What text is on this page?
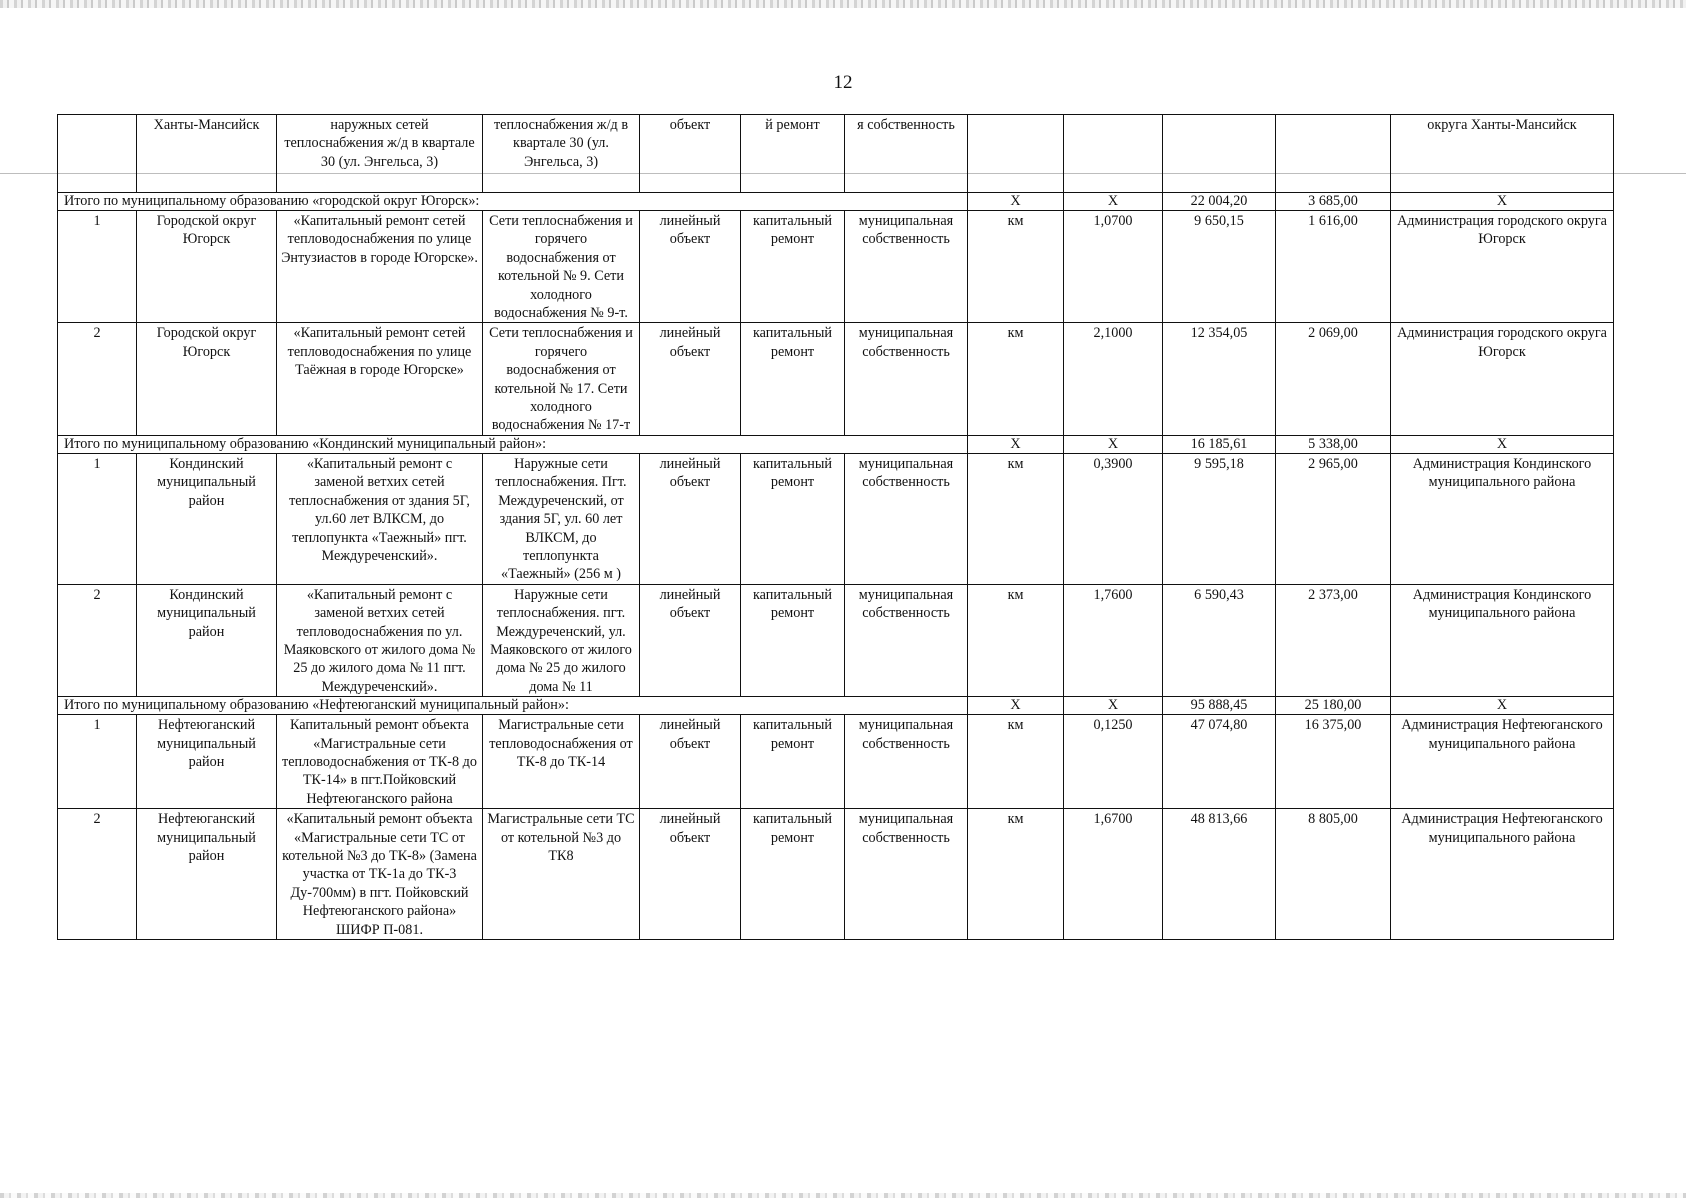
12
	Ханты-Мансийск	наружных сетей теплоснабжения ж/д в квартале 30 (ул. Энгельса, 3)	теплоснабжения ж/д в квартале 30 (ул. Энгельса, 3)	объект	й ремонт	я собственность					округа Ханты-Мансийск
Итого по муниципальному образованию «городской округ Югорск»:							Х	Х	22 004,20	3 685,00	Х
1	Городской округ Югорск	«Капитальный ремонт сетей тепловодоснабжения по улице Энтузиастов в городе Югорске».	Сети теплоснабжения и горячего водоснабжения от котельной № 9. Сети холодного водоснабжения № 9-т.	линейный объект	капитальный ремонт	муниципальная собственность	км	1,0700	9 650,15	1 616,00	Администрация городского округа Югорск
2	Городской округ Югорск	«Капитальный ремонт сетей тепловодоснабжения по улице Таёжная в городе Югорске»	Сети теплоснабжения и горячего водоснабжения от котельной № 17. Сети холодного водоснабжения № 17-т	линейный объект	капитальный ремонт	муниципальная собственность	км	2,1000	12 354,05	2 069,00	Администрация городского округа Югорск
Итого по муниципальному образованию «Кондинский муниципальный район»:							Х	Х	16 185,61	5 338,00	Х
1	Кондинский муниципальный район	«Капитальный ремонт с заменой ветхих сетей теплоснабжения от здания 5Г, ул.60 лет ВЛКСМ, до теплопункта «Таежный» пгт. Междуреченский».	Наружные сети теплоснабжения. Пгт. Междуреченский, от здания 5Г, ул. 60 лет ВЛКСМ, до теплопункта «Таежный» (256 м )	линейный объект	капитальный ремонт	муниципальная собственность	км	0,3900	9 595,18	2 965,00	Администрация Кондинского муниципального района
2	Кондинский муниципальный район	«Капитальный ремонт с заменой ветхих сетей тепловодоснабжения по ул. Маяковского от жилого дома № 25 до жилого дома № 11 пгт. Междуреченский».	Наружные сети теплоснабжения. пгт. Междуреченский, ул. Маяковского от жилого дома № 25 до жилого дома № 11	линейный объект	капитальный ремонт	муниципальная собственность	км	1,7600	6 590,43	2 373,00	Администрация Кондинского муниципального района
Итого по муниципальному образованию «Нефтеюганский муниципальный район»:							Х	Х	95 888,45	25 180,00	Х
1	Нефтеюганский муниципальный район	Капитальный ремонт объекта «Магистральные сети тепловодоснабжения от ТК-8 до ТК-14» в пгт.Пойковский Нефтеюганского района	Магистральные сети тепловодоснабжения от ТК-8 до ТК-14	линейный объект	капитальный ремонт	муниципальная собственность	км	0,1250	47 074,80	16 375,00	Администрация Нефтеюганского муниципального района
2	Нефтеюганский муниципальный район	«Капитальный ремонт объекта «Магистральные сети ТС от котельной №3 до ТК-8» (Замена участка от ТК-1а до ТК-3 Ду-700мм) в пгт. Пойковский Нефтеюганского района» ШИФР П-081.	Магистральные сети ТС от котельной №3 до ТК8	линейный объект	капитальный ремонт	муниципальная собственность	км	1,6700	48 813,66	8 805,00	Администрация Нефтеюганского муниципального района
